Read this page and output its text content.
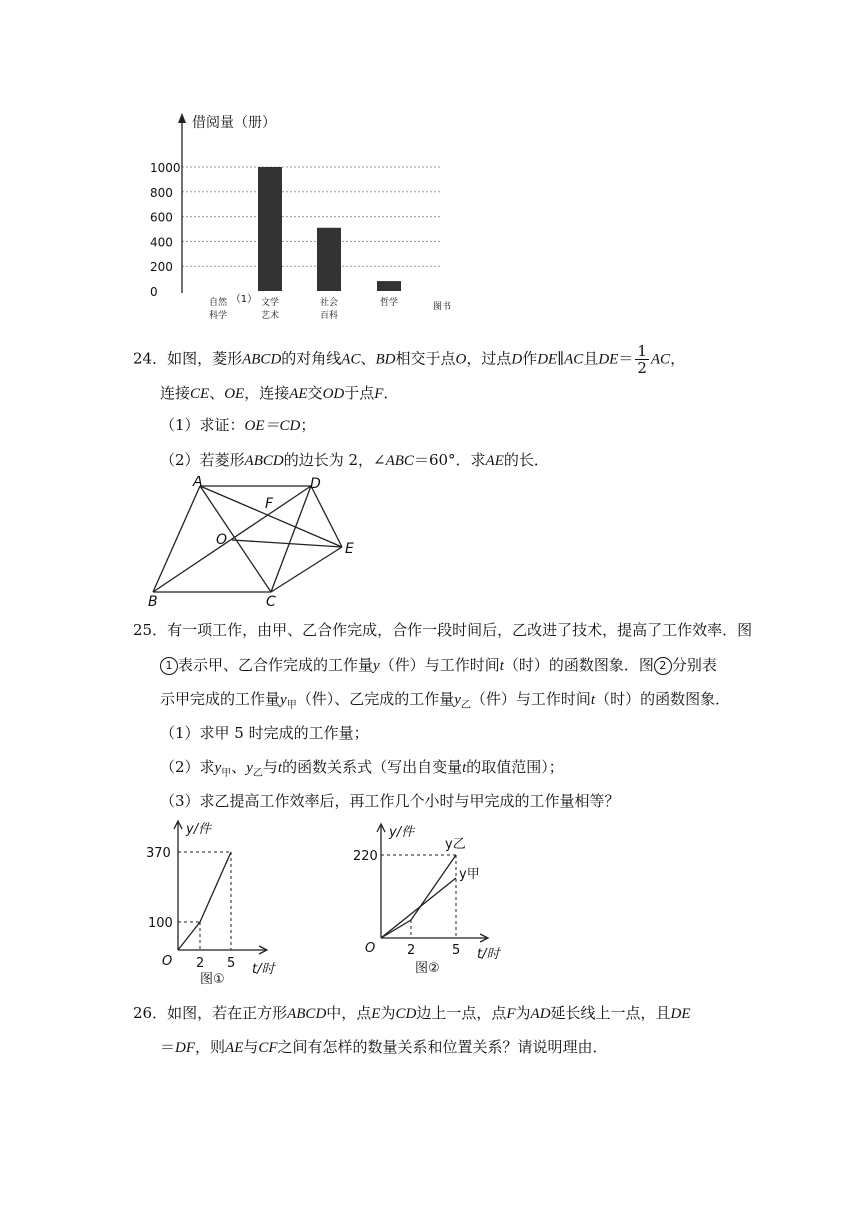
0
200
400
600
800
1000
借阅量（册）
自然
科学
文学
艺术
社会
百科
哲学
（1）
图书
24．如图，菱形ABCD的对角线AC、BD相交于点O，过点D作DE∥AC且$DE= \frac{1}{2}$ AC，
连接CE、OE，连接AE交OD于点F．
（1）求证：OE＝CD；
（2）若菱形ABCD的边长为 2，∠ABC＝60°．求AE的长．
A	D
F
O
E
B	C
25．有一项工作，由甲、乙合作完成，合作一段时间后，乙改进了技术，提高了工作效率．图
1 表示甲、乙合作完成的工作量y（件）与工作时间t（时）的函数图象．图 2 分别表
示甲完成的工作量$y_甲$（件）、乙完成的工作量$y_乙$（件）与工作时间t（时）的函数图象．
（1）求甲 5 时完成的工作量；
（2）求$y_甲$、$y_乙$与t的函数关系式（写出自变量t的取值范围）；
（3）求乙提高工作效率后，再工作几个小时与甲完成的工作量相等？
y/件
370
100
O 2 5 t/时
图①
y/件
220
y乙
y甲
O 2	5 t/时
图②
26．如图，若在正方形ABCD中，点E为CD边上一点，点F为AD延长线上一点，且DE
＝DF，则AE与CF之间有怎样的数量关系和位置关系？请说明理由．
